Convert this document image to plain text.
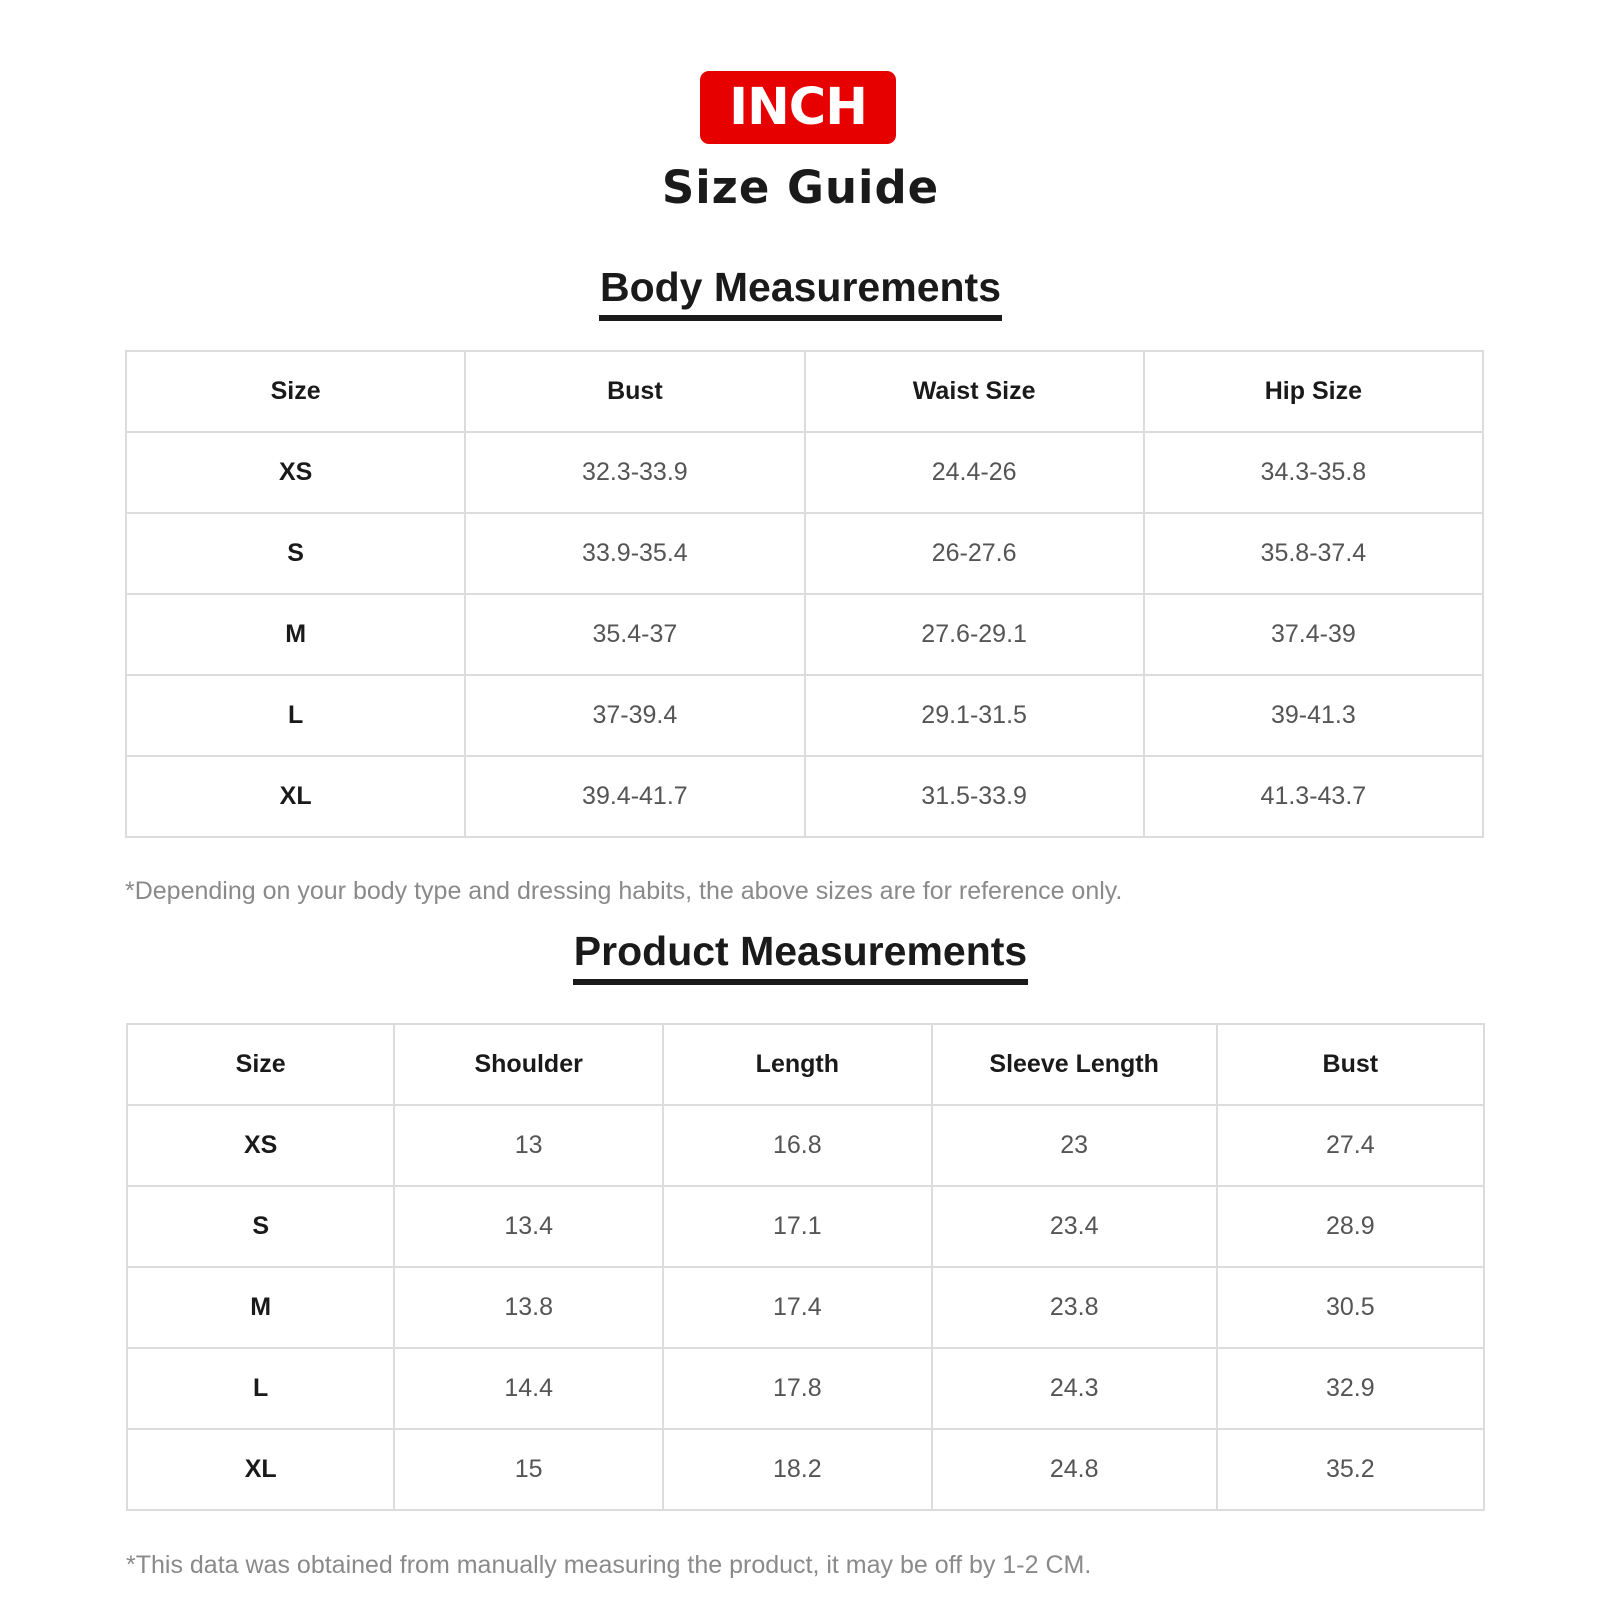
INCH
Size Guide
Body Measurements
Size	Bust	Waist Size	Hip Size
XS	32.3-33.9	24.4-26	34.3-35.8
S	33.9-35.4	26-27.6	35.8-37.4
M	35.4-37	27.6-29.1	37.4-39
L	37-39.4	29.1-31.5	39-41.3
XL	39.4-41.7	31.5-33.9	41.3-43.7
*Depending on your body type and dressing habits, the above sizes are for reference only.
Product Measurements
Size	Shoulder	Length	Sleeve Length	Bust
XS	13	16.8	23	27.4
S	13.4	17.1	23.4	28.9
M	13.8	17.4	23.8	30.5
L	14.4	17.8	24.3	32.9
XL	15	18.2	24.8	35.2
*This data was obtained from manually measuring the product, it may be off by 1-2 CM.
